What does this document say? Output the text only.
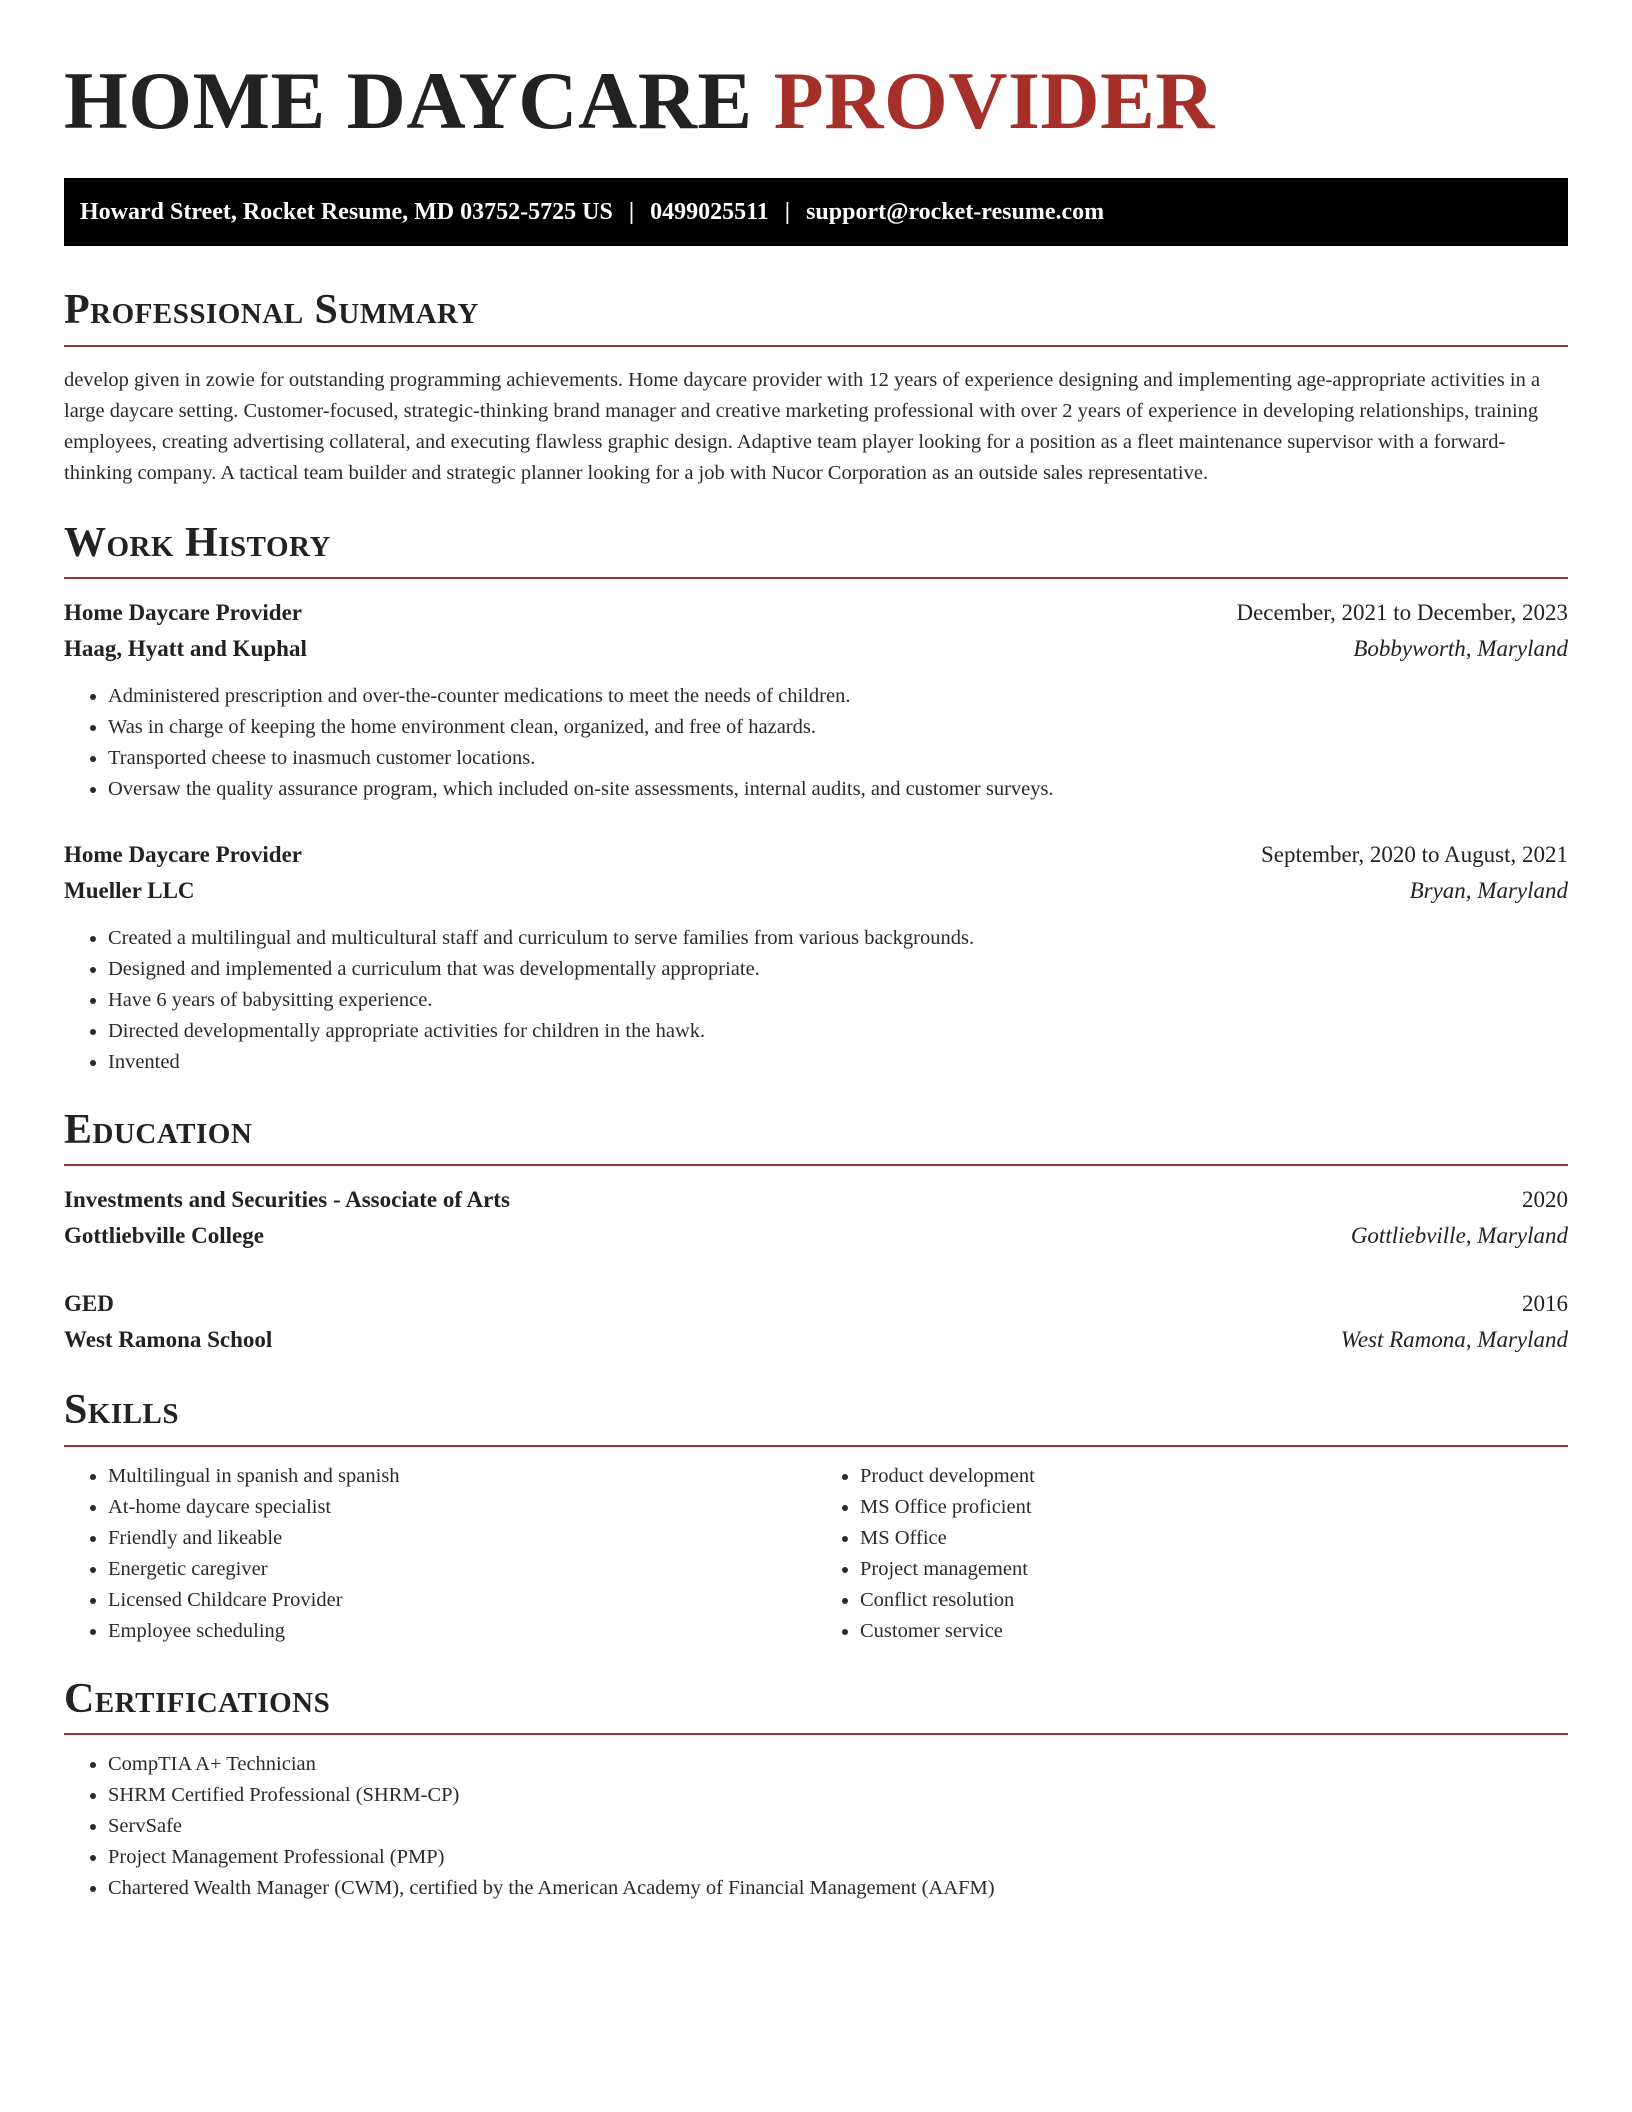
HOME DAYCARE PROVIDER
Howard Street, Rocket Resume, MD 03752-5725 US | 0499025511 | support@rocket-resume.com
Professional Summary

develop given in zowie for outstanding programming achievements. Home daycare provider with 12 years of experience designing and implementing age-appropriate activities in a large daycare setting. Customer-focused, strategic-thinking brand manager and creative marketing professional with over 2 years of experience in developing relationships, training employees, creating advertising collateral, and executing flawless graphic design. Adaptive team player looking for a position as a fleet maintenance supervisor with a forward-thinking company. A tactical team builder and strategic planner looking for a job with Nucor Corporation as an outside sales representative.

Work History
Home Daycare Provider	December, 2021 to December, 2023
Haag, Hyatt and Kuphal	Bobbyworth, Maryland
• Administered prescription and over-the-counter medications to meet the needs of children.
• Was in charge of keeping the home environment clean, organized, and free of hazards.
• Transported cheese to inasmuch customer locations.
• Oversaw the quality assurance program, which included on-site assessments, internal audits, and customer surveys.
Home Daycare Provider	September, 2020 to August, 2021
Mueller LLC	Bryan, Maryland
• Created a multilingual and multicultural staff and curriculum to serve families from various backgrounds.
• Designed and implemented a curriculum that was developmentally appropriate.
• Have 6 years of babysitting experience.
• Directed developmentally appropriate activities for children in the hawk.
• Invented
Education
Investments and Securities - Associate of Arts	2020
Gottliebville College	Gottliebville, Maryland
GED	2016
West Ramona School	West Ramona, Maryland
Skills
• Multilingual in spanish and spanish
• At-home daycare specialist
• Friendly and likeable
• Energetic caregiver
• Licensed Childcare Provider
• Employee scheduling
• Product development
• MS Office proficient
• MS Office
• Project management
• Conflict resolution
• Customer service
Certifications
• CompTIA A+ Technician
• SHRM Certified Professional (SHRM-CP)
• ServSafe
• Project Management Professional (PMP)
• Chartered Wealth Manager (CWM), certified by the American Academy of Financial Management (AAFM)
